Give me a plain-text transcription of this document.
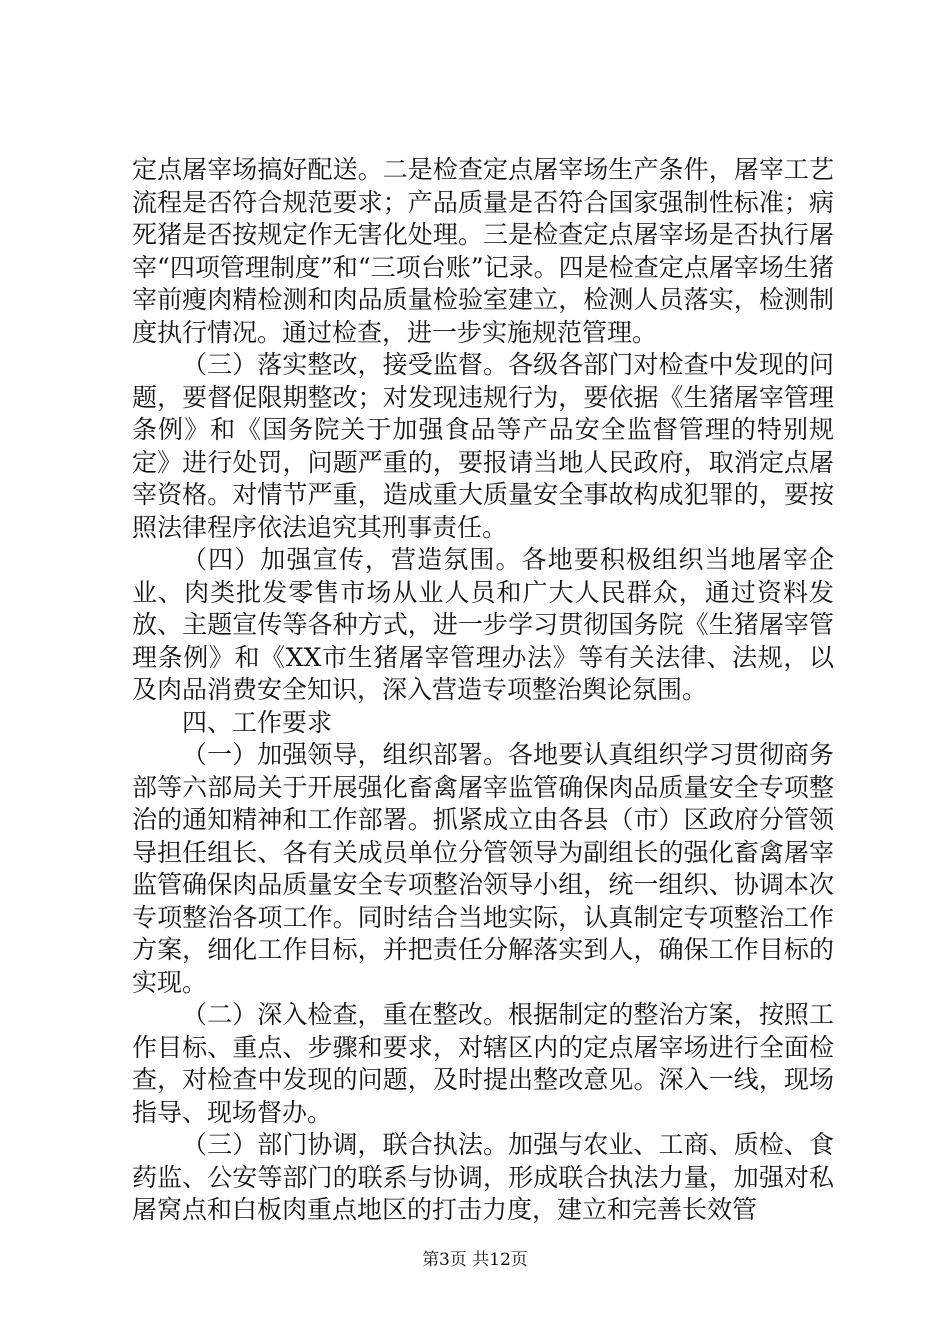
定点屠宰场搞好配送。二是检查定点屠宰场生产条件，屠宰工艺流程是否符合规范要求；产品质量是否符合国家强制性标准；病死猪是否按规定作无害化处理。三是检查定点屠宰场是否执行屠宰“四项管理制度”和“三项台账”记录。四是检查定点屠宰场生猪宰前瘦肉精检测和肉品质量检验室建立，检测人员落实，检测制度执行情况。通过检查，进一步实施规范管理。

（三）落实整改，接受监督。各级各部门对检查中发现的问题，要督促限期整改；对发现违规行为，要依据《生猪屠宰管理条例》和《国务院关于加强食品等产品安全监督管理的特别规定》进行处罚，问题严重的，要报请当地人民政府，取消定点屠宰资格。对情节严重，造成重大质量安全事故构成犯罪的，要按照法律程序依法追究其刑事责任。

（四）加强宣传，营造氛围。各地要积极组织当地屠宰企业、肉类批发零售市场从业人员和广大人民群众，通过资料发放、主题宣传等各种方式，进一步学习贯彻国务院《生猪屠宰管理条例》和《XX市生猪屠宰管理办法》等有关法律、法规，以及肉品消费安全知识，深入营造专项整治舆论氛围。

四、工作要求

（一）加强领导，组织部署。各地要认真组织学习贯彻商务部等六部局关于开展强化畜禽屠宰监管确保肉品质量安全专项整治的通知精神和工作部署。抓紧成立由各县（市）区政府分管领导担任组长、各有关成员单位分管领导为副组长的强化畜禽屠宰监管确保肉品质量安全专项整治领导小组，统一组织、协调本次专项整治各项工作。同时结合当地实际，认真制定专项整治工作方案，细化工作目标，并把责任分解落实到人，确保工作目标的实现。

（二）深入检查，重在整改。根据制定的整治方案，按照工作目标、重点、步骤和要求，对辖区内的定点屠宰场进行全面检查，对检查中发现的问题，及时提出整改意见。深入一线，现场指导、现场督办。

（三）部门协调，联合执法。加强与农业、工商、质检、食药监、公安等部门的联系与协调，形成联合执法力量，加强对私屠窝点和白板肉重点地区的打击力度，建立和完善长效管

第3页 共12页
